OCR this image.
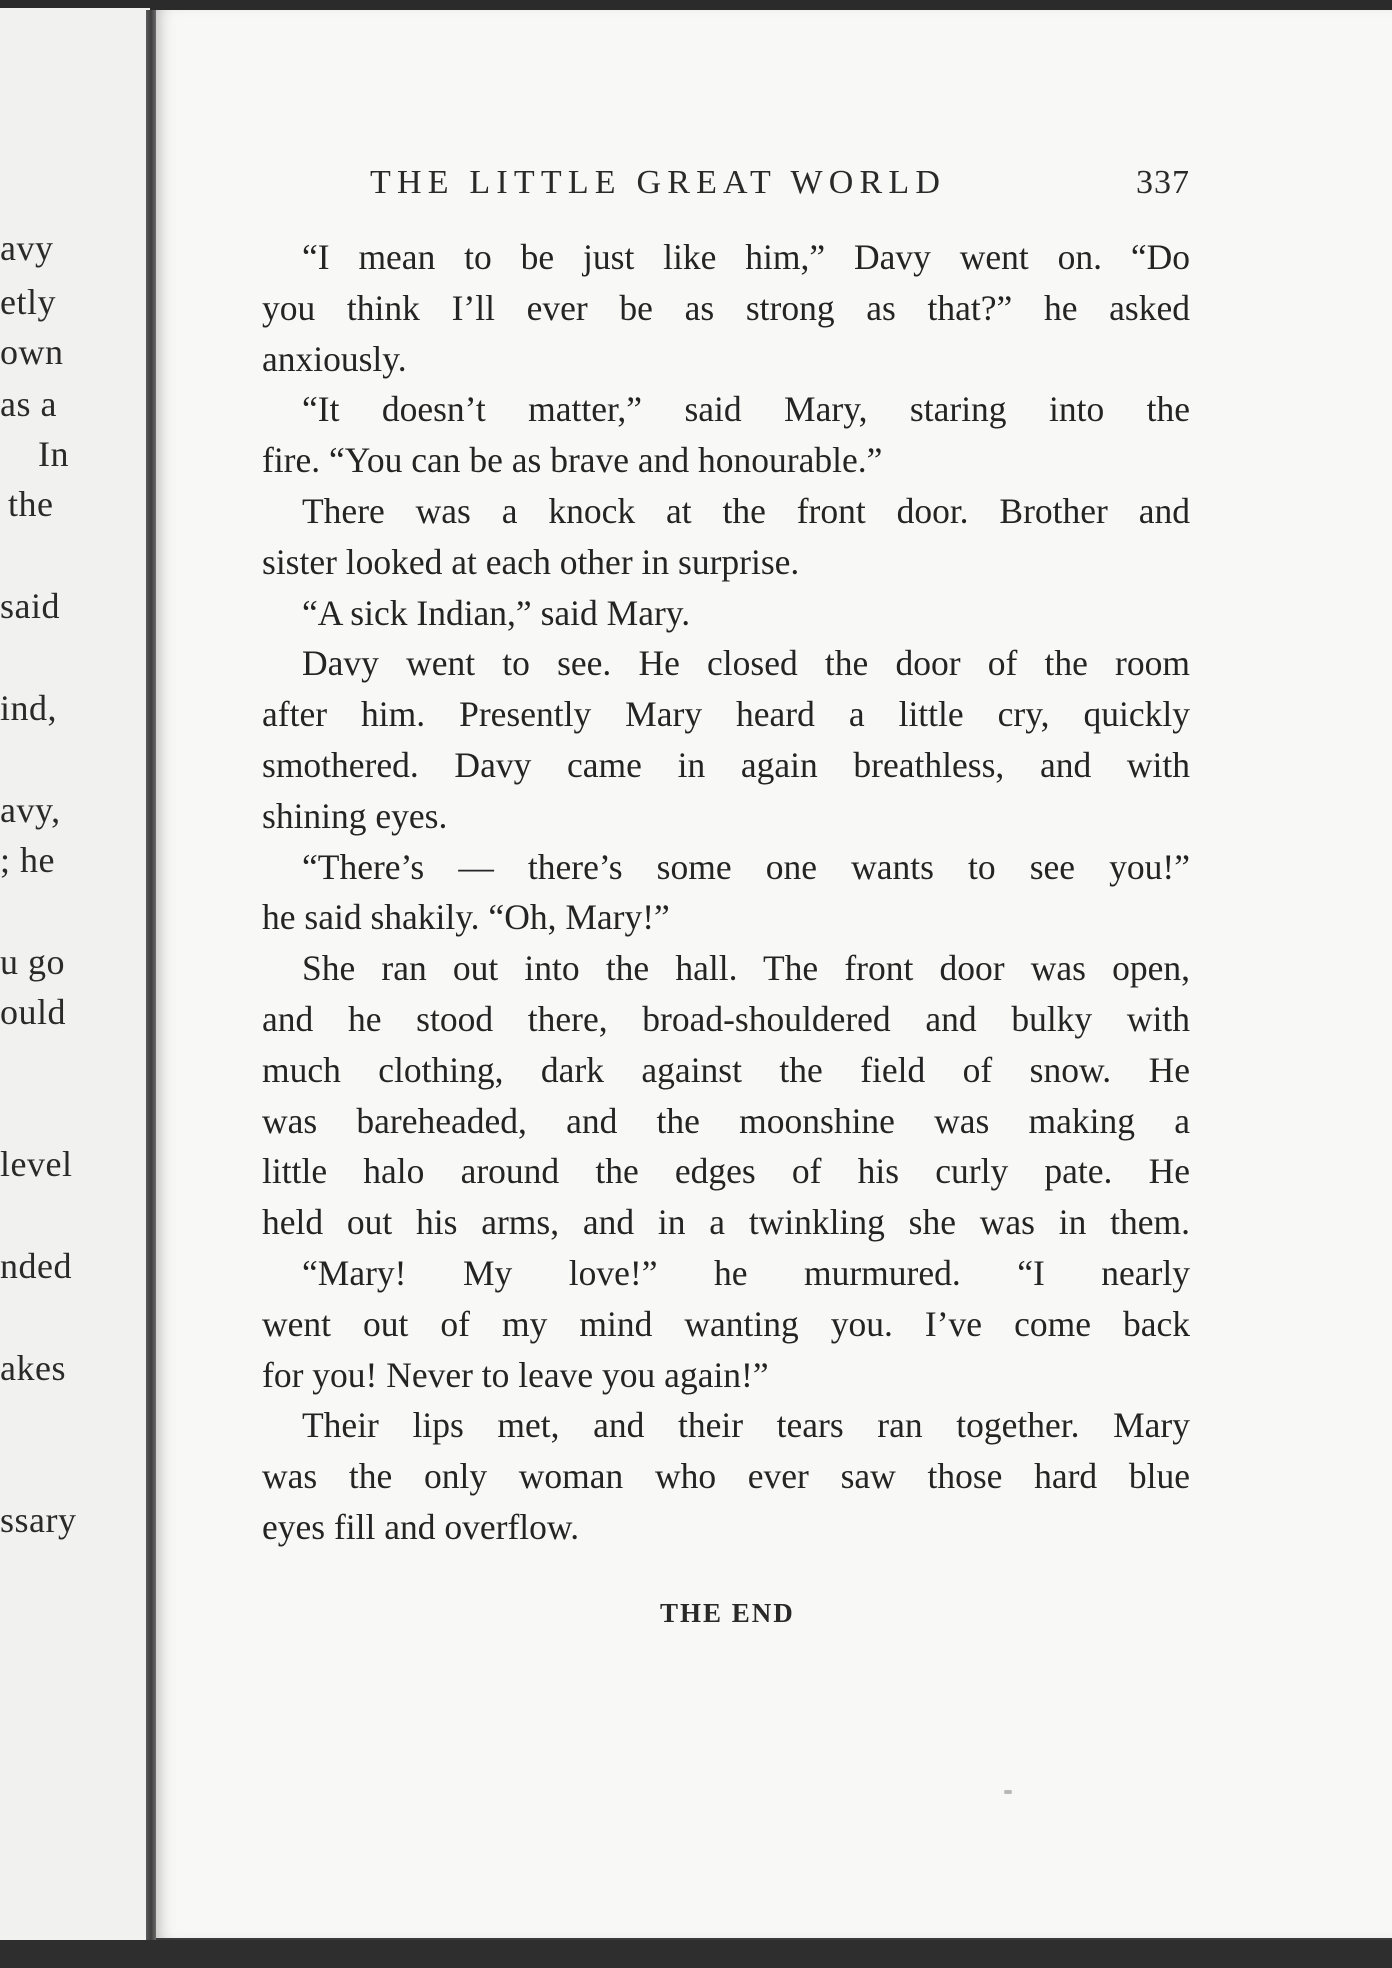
avy
etly
own
as a
In
the
said
ind,
avy,
; he
u go
ould
level
nded
akes
ssary
THE LITTLE GREAT WORLD	337
“I mean to be just like him,” Davy went on. “Do
you think I’ll ever be as strong as that?” he asked
anxiously.
“It doesn’t matter,” said Mary, staring into the
fire. “You can be as brave and honourable.”
There was a knock at the front door. Brother and
sister looked at each other in surprise.
“A sick Indian,” said Mary.
Davy went to see. He closed the door of the room
after him. Presently Mary heard a little cry, quickly
smothered. Davy came in again breathless, and with
shining eyes.
“There’s — there’s some one wants to see you!”
he said shakily. “Oh, Mary!”
She ran out into the hall. The front door was open,
and he stood there, broad-shouldered and bulky with
much clothing, dark against the field of snow. He
was bareheaded, and the moonshine was making a
little halo around the edges of his curly pate. He
held out his arms, and in a twinkling she was in them.
“Mary! My love!” he murmured. “I nearly
went out of my mind wanting you. I’ve come back
for you! Never to leave you again!”
Their lips met, and their tears ran together. Mary
was the only woman who ever saw those hard blue
eyes fill and overflow.
THE END
